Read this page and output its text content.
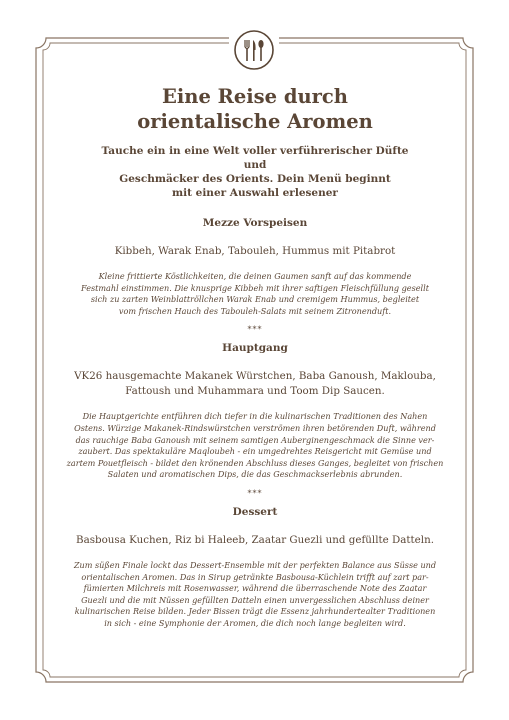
Eine Reise durch
orientalische Aromen
Tauche ein in eine Welt voller verführerischer Düfte und
Geschmäcker des Orients. Dein Menü beginnt
mit einer Auswahl erlesener
Mezze Vorspeisen
Kibbeh, Warak Enab, Tabouleh, Hummus mit Pitabrot
Kleine frittierte Köstlichkeiten, die deinen Gaumen sanft auf das kommende
Festmahl einstimmen. Die knusprige Kibbeh mit ihrer saftigen Fleischfüllung gesellt
sich zu zarten Weinblattröllchen Warak Enab und cremigem Hummus, begleitet
vom frischen Hauch des Tabouleh-Salats mit seinem Zitronenduft.
***
Hauptgang
VK26 hausgemachte Makanek Würstchen, Baba Ganoush, Maklouba,
Fattoush und Muhammara und Toom Dip Saucen.
Die Hauptgerichte entführen dich tiefer in die kulinarischen Traditionen des Nahen
Ostens. Würzige Makanek-Rindswürstchen verströmen ihren betörenden Duft, während
das rauchige Baba Ganoush mit seinem samtigen Auberginengeschmack die Sinne ver-
zaubert. Das spektakuläre Maqloubeh - ein umgedrehtes Reisgericht mit Gemüse und
zartem Pouetfleisch - bildet den krönenden Abschluss dieses Ganges, begleitet von frischen
Salaten und aromatischen Dips, die das Geschmackserlebnis abrunden.
***
Dessert
Basbousa Kuchen, Riz bi Haleeb, Zaatar Guezli und gefüllte Datteln.
Zum süßen Finale lockt das Dessert-Ensemble mit der perfekten Balance aus Süsse und
orientalischen Aromen. Das in Sirup getränkte Basbousa-Küchlein trifft auf zart par-
fümierten Milchreis mit Rosenwasser, während die überraschende Note des Zaatar
Guezli und die mit Nüssen gefüllten Datteln einen unvergesslichen Abschluss deiner
kulinarischen Reise bilden. Jeder Bissen trägt die Essenz jahrhundertealter Traditionen
in sich - eine Symphonie der Aromen, die dich noch lange begleiten wird.
